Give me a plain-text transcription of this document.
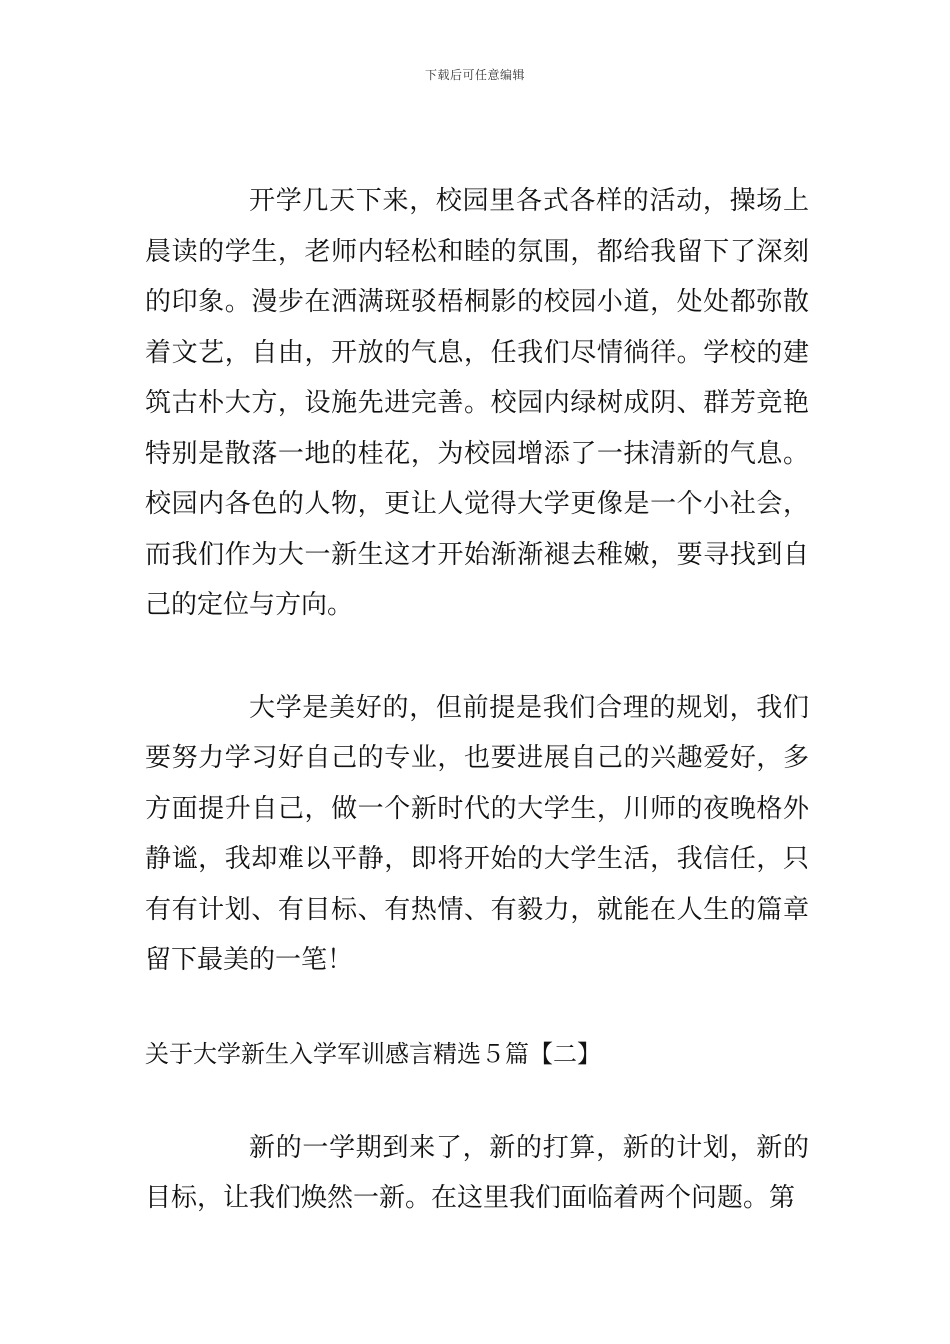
下载后可任意编辑

开学几天下来，校园里各式各样的活动，操场上晨读的学生，老师内轻松和睦的氛围，都给我留下了深刻的印象。漫步在洒满斑驳梧桐影的校园小道，处处都弥散着文艺，自由，开放的气息，任我们尽情徜徉。学校的建筑古朴大方，设施先进完善。校园内绿树成阴、群芳竞艳特别是散落一地的桂花，为校园增添了一抹清新的气息。校园内各色的人物，更让人觉得大学更像是一个小社会，而我们作为大一新生这才开始渐渐褪去稚嫩，要寻找到自己的定位与方向。

大学是美好的，但前提是我们合理的规划，我们要努力学习好自己的专业，也要进展自己的兴趣爱好，多方面提升自己，做一个新时代的大学生，川师的夜晚格外静谧，我却难以平静，即将开始的大学生活，我信任，只有有计划、有目标、有热情、有毅力，就能在人生的篇章留下最美的一笔！

关于大学新生入学军训感言精选５篇【二】

新的一学期到来了，新的打算，新的计划，新的目标，让我们焕然一新。在这里我们面临着两个问题。第
